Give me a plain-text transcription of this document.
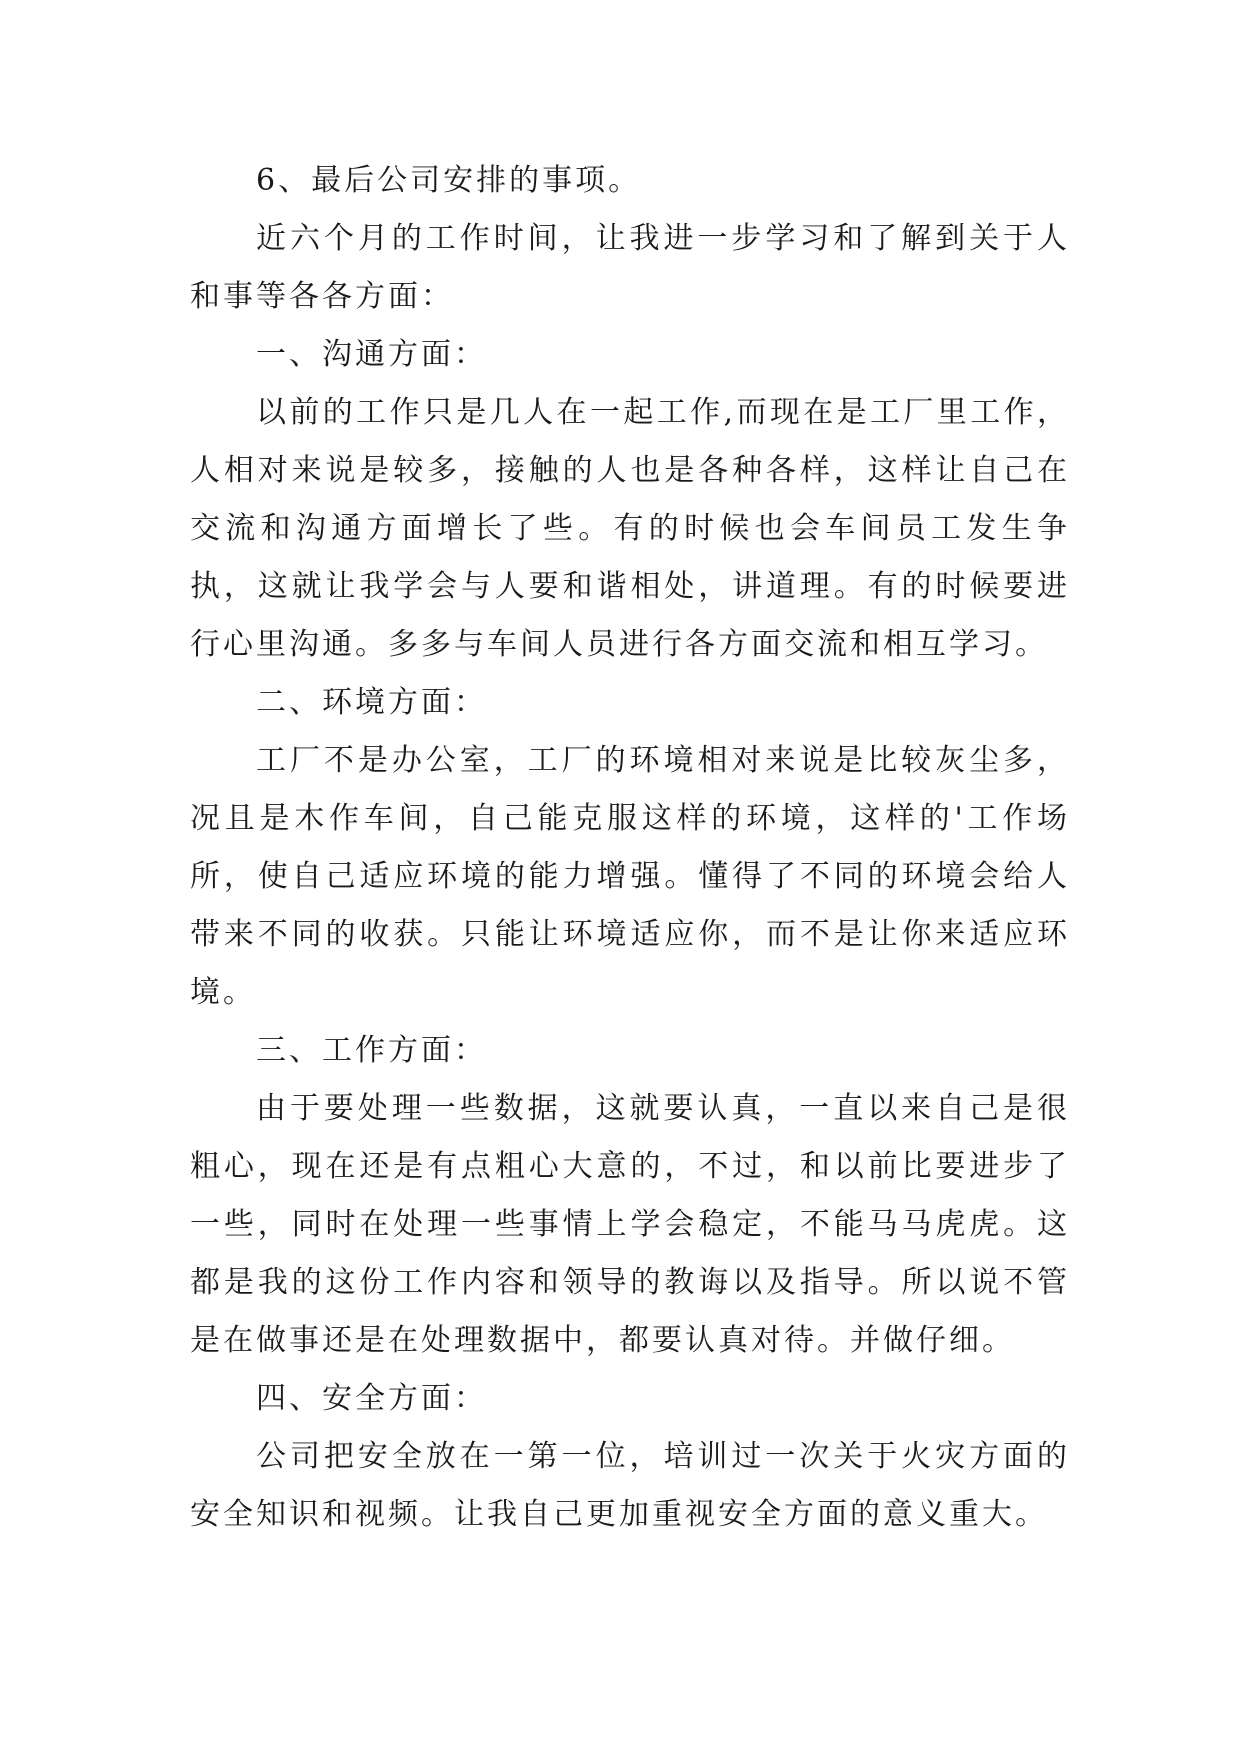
6、最后公司安排的事项。

近六个月的工作时间，让我进一步学习和了解到关于人和事等各各方面：

一、沟通方面：

以前的工作只是几人在一起工作,而现在是工厂里工作，人相对来说是较多，接触的人也是各种各样，这样让自己在交流和沟通方面增长了些。有的时候也会车间员工发生争执，这就让我学会与人要和谐相处，讲道理。有的时候要进行心里沟通。多多与车间人员进行各方面交流和相互学习。

二、环境方面：

工厂不是办公室，工厂的环境相对来说是比较灰尘多，况且是木作车间，自己能克服这样的环境，这样的'工作场所，使自己适应环境的能力增强。懂得了不同的环境会给人带来不同的收获。只能让环境适应你，而不是让你来适应环境。

三、工作方面：

由于要处理一些数据，这就要认真，一直以来自己是很粗心，现在还是有点粗心大意的，不过，和以前比要进步了一些，同时在处理一些事情上学会稳定，不能马马虎虎。这都是我的这份工作内容和领导的教诲以及指导。所以说不管是在做事还是在处理数据中，都要认真对待。并做仔细。

四、安全方面：

公司把安全放在一第一位，培训过一次关于火灾方面的安全知识和视频。让我自己更加重视安全方面的意义重大。
